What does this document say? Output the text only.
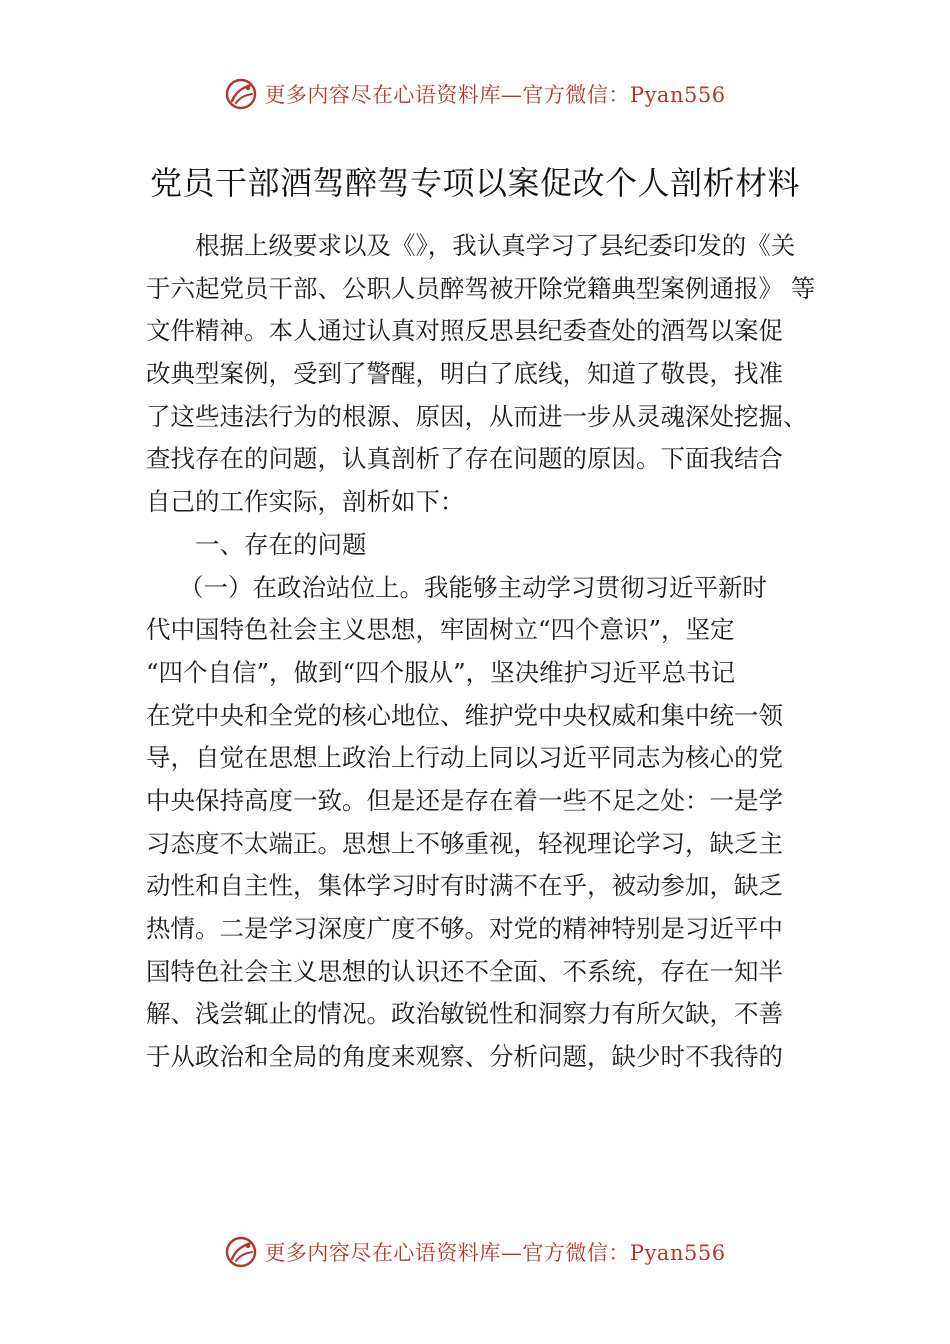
更多内容尽在心语资料库—官方微信：Pyan556
党员干部酒驾醉驾专项以案促改个人剖析材料
根据上级要求以及《》，我认真学习了县纪委印发的《关
于六起党员干部、公职人员醉驾被开除党籍典型案例通报》 等
文件精神。本人通过认真对照反思县纪委查处的酒驾以案促
改典型案例，受到了警醒，明白了底线，知道了敬畏，找准
了这些违法行为的根源、原因，从而进一步从灵魂深处挖掘、
查找存在的问题，认真剖析了存在问题的原因。下面我结合
自己的工作实际，剖析如下：
一、存在的问题
（一）在政治站位上。我能够主动学习贯彻习近平新时
代中国特色社会主义思想，牢固树立“四个意识”，坚定
“四个自信”，做到“四个服从”，坚决维护习近平总书记
在党中央和全党的核心地位、维护党中央权威和集中统一领
导，自觉在思想上政治上行动上同以习近平同志为核心的党
中央保持高度一致。但是还是存在着一些不足之处：一是学
习态度不太端正。思想上不够重视，轻视理论学习，缺乏主
动性和自主性，集体学习时有时满不在乎，被动参加，缺乏
热情。二是学习深度广度不够。对党的精神特别是习近平中
国特色社会主义思想的认识还不全面、不系统，存在一知半
解、浅尝辄止的情况。政治敏锐性和洞察力有所欠缺，不善
于从政治和全局的角度来观察、分析问题，缺少时不我待的
更多内容尽在心语资料库—官方微信：Pyan556
